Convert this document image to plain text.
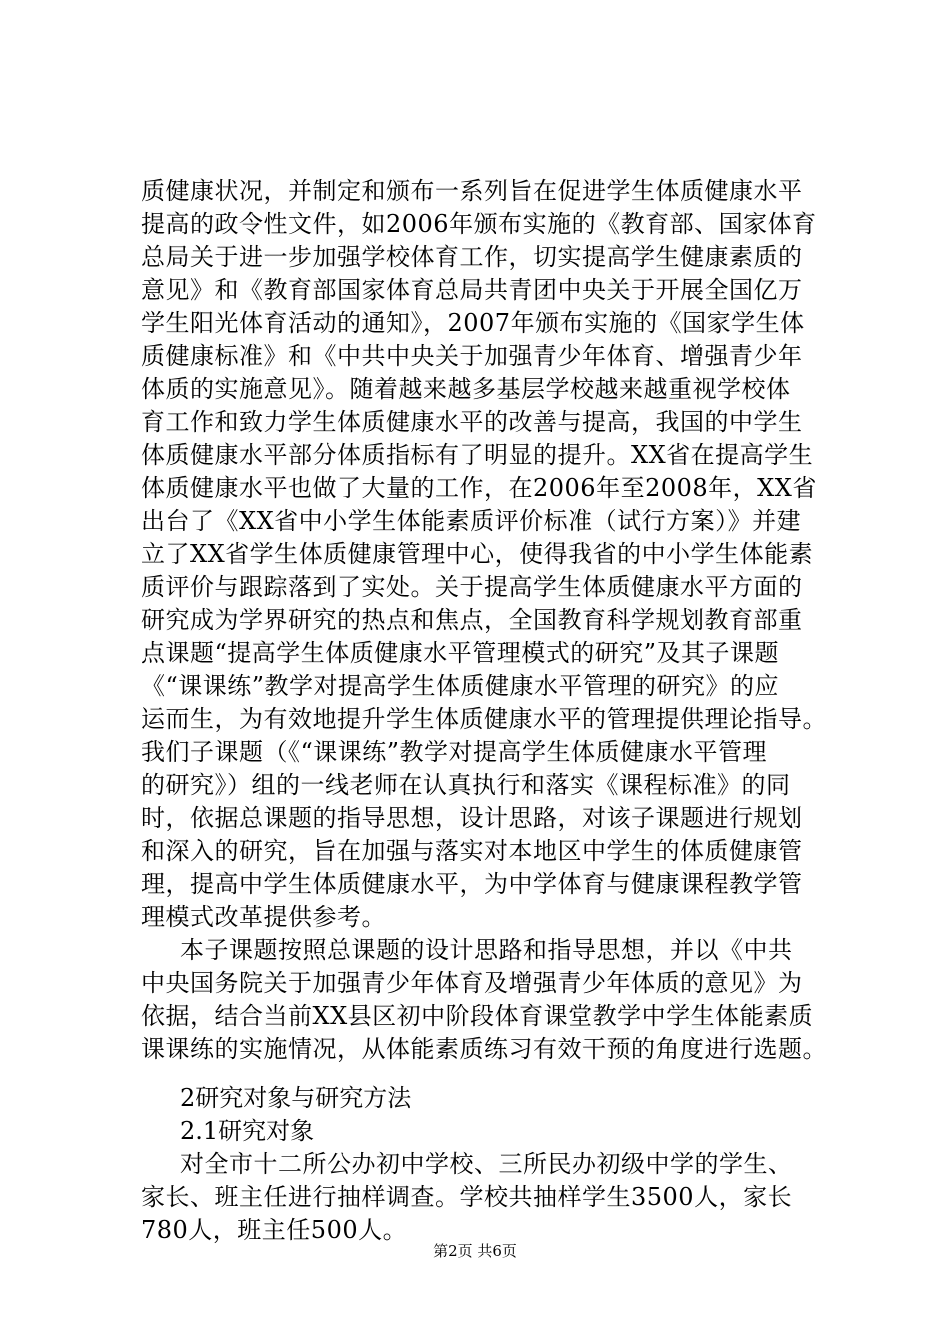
质健康状况，并制定和颁布一系列旨在促进学生体质健康水平
提高的政令性文件，如2006年颁布实施的《教育部、国家体育
总局关于进一步加强学校体育工作，切实提高学生健康素质的
意见》和《教育部国家体育总局共青团中央关于开展全国亿万
学生阳光体育活动的通知》，2007年颁布实施的《国家学生体
质健康标准》和《中共中央关于加强青少年体育、增强青少年
体质的实施意见》。随着越来越多基层学校越来越重视学校体
育工作和致力学生体质健康水平的改善与提高，我国的中学生
体质健康水平部分体质指标有了明显的提升。XX省在提高学生
体质健康水平也做了大量的工作，在2006年至2008年，XX省
出台了《XX省中小学生体能素质评价标准（试行方案）》并建
立了XX省学生体质健康管理中心，使得我省的中小学生体能素
质评价与跟踪落到了实处。关于提高学生体质健康水平方面的
研究成为学界研究的热点和焦点，全国教育科学规划教育部重
点课题“提高学生体质健康水平管理模式的研究”及其子课题
《“课课练”教学对提高学生体质健康水平管理的研究》的应
运而生，为有效地提升学生体质健康水平的管理提供理论指导。
我们子课题（《“课课练”教学对提高学生体质健康水平管理
的研究》）组的一线老师在认真执行和落实《课程标准》的同
时，依据总课题的指导思想，设计思路，对该子课题进行规划
和深入的研究，旨在加强与落实对本地区中学生的体质健康管
理，提高中学生体质健康水平，为中学体育与健康课程教学管
理模式改革提供参考。
本子课题按照总课题的设计思路和指导思想，并以《中共
中央国务院关于加强青少年体育及增强青少年体质的意见》为
依据，结合当前XX县区初中阶段体育课堂教学中学生体能素质
课课练的实施情况，从体能素质练习有效干预的角度进行选题。
2研究对象与研究方法
2.1研究对象
对全市十二所公办初中学校、三所民办初级中学的学生、
家长、班主任进行抽样调查。学校共抽样学生3500人，家长
780人，班主任500人。
第2页 共6页
